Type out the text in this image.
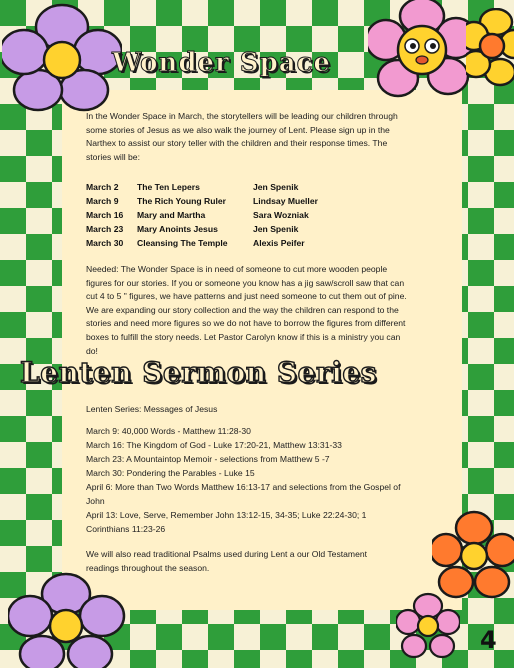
Wonder Space
Lenten Sermon Series
In the Wonder Space in March, the storytellers will be leading our children through some stories of Jesus as we also walk the journey of Lent. Please sign up in the Narthex to assist our story teller with the children and their response times. The stories will be:
March 2 The Ten Lepers	Jen Spenik
March 9 The Rich Young Ruler	Lindsay Mueller
March 16 Mary and Martha	Sara Wozniak
March 23 Mary Anoints Jesus	Jen Spenik
March 30 Cleansing The Temple	Alexis Peifer
Needed: The Wonder Space is in need of someone to cut more wooden people figures for our stories. If you or someone you know has a jig saw/scroll saw that can cut 4 to 5 " figures, we have patterns and just need someone to cut them out of pine. We are expanding our story collection and the way the children can respond to the stories and need more figures so we do not have to borrow the figures from different boxes to fulfill the story needs. Let Pastor Carolyn know if this is a ministry you can do!
Lenten Series: Messages of Jesus
March 9: 40,000 Words - Matthew 11:28-30
March 16: The Kingdom of God - Luke 17:20-21, Matthew 13:31-33
March 23: A Mountaintop Memoir - selections from Matthew 5 -7
March 30: Pondering the Parables - Luke 15
April 6: More than Two Words Matthew 16:13-17 and selections from the Gospel of John
April 13: Love, Serve, Remember John 13:12-15, 34-35; Luke 22:24-30; 1 Corinthians 11:23-26
We will also read traditional Psalms used during Lent a our Old Testament readings throughout the season.
4
